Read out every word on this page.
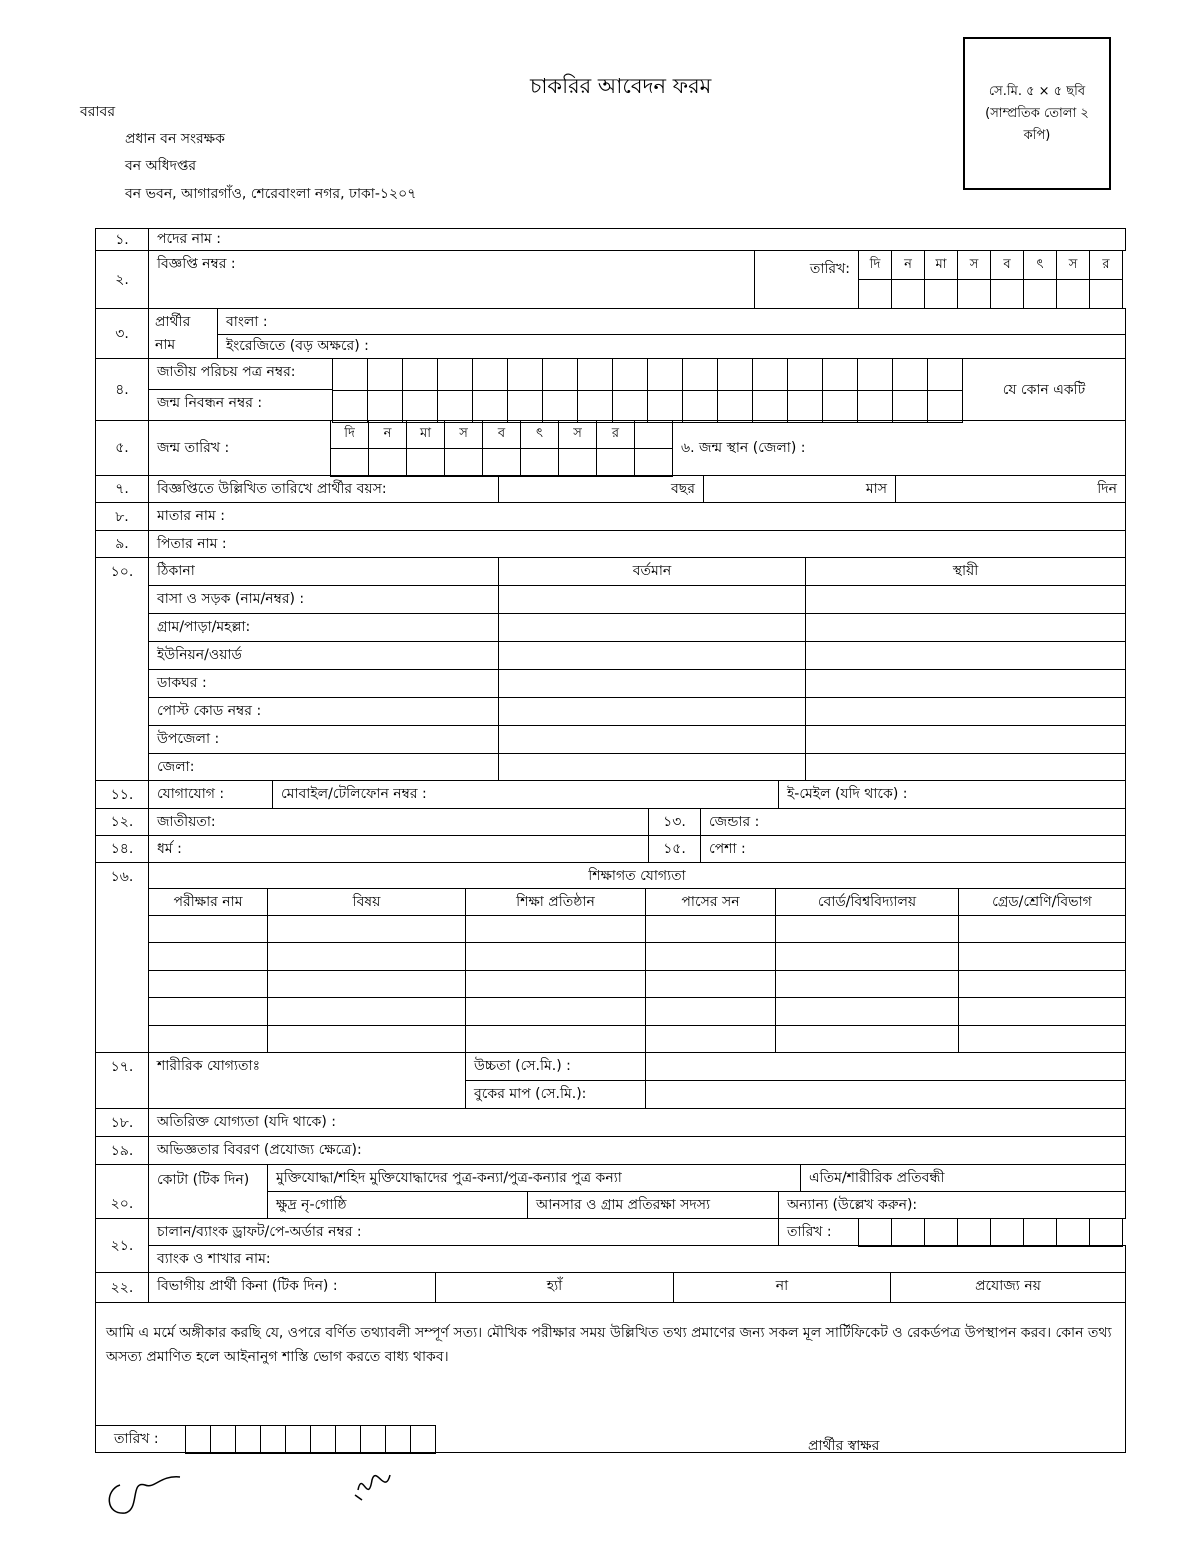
চাকরির আবেদন ফরম
বরাবর
প্রধান বন সংরক্ষক
বন অধিদপ্তর
বন ভবন, আগারগাঁও, শেরেবাংলা নগর, ঢাকা-১২০৭
সে.মি. ৫ × ৫ ছবি (সাম্প্রতিক তোলা ২ কপি)
১.	পদের নাম :
২.
বিজ্ঞপ্তি নম্বর :	তারিখ:	দি	ন	মা	স	ব	ৎ	স	র
৩.
প্রার্থীর নাম
বাংলা :
ইংরেজিতে (বড় অক্ষরে) :
৪.
জাতীয় পরিচয় পত্র নম্বর:
জন্ম নিবন্ধন নম্বর :
যে কোন একটি
৫.	জন্ম তারিখ :
দি	ন	মা	স	ব	ৎ	স	র
৬. জন্ম স্থান (জেলা) :
৭.	বিজ্ঞপ্তিতে উল্লিখিত তারিখে প্রার্থীর বয়স:	বছর	মাস	দিন
৮.	মাতার নাম :
৯.	পিতার নাম :
১০.	ঠিকানা	বর্তমান	স্থায়ী
বাসা ও সড়ক (নাম/নম্বর) :
গ্রাম/পাড়া/মহল্লা:
ইউনিয়ন/ওয়ার্ড
ডাকঘর :
পোস্ট কোড নম্বর :
উপজেলা :
জেলা:
১১.	যোগাযোগ :	মোবাইল/টেলিফোন নম্বর :	ই-মেইল (যদি থাকে) :
১২.	জাতীয়তা:	১৩.	জেন্ডার :
১৪.	ধর্ম :	১৫.	পেশা :
১৬.	শিক্ষাগত যোগ্যতা
পরীক্ষার নাম	বিষয়	শিক্ষা প্রতিষ্ঠান	পাসের সন	বোর্ড/বিশ্ববিদ্যালয়	গ্রেড/শ্রেণি/বিভাগ
১৭.	শারীরিক যোগ্যতাঃ	উচ্চতা (সে.মি.) :
বুকের মাপ (সে.মি.):
১৮.	অতিরিক্ত যোগ্যতা (যদি থাকে) :
১৯.	অভিজ্ঞতার বিবরণ (প্রযোজ্য ক্ষেত্রে):
২০.
কোটা (টিক দিন)	মুক্তিযোদ্ধা/শহিদ মুক্তিযোদ্ধাদের পুত্র-কন্যা/পুত্র-কন্যার পুত্র কন্যা	এতিম/শারীরিক প্রতিবন্ধী
ক্ষুদ্র নৃ-গোষ্ঠি	আনসার ও গ্রাম প্রতিরক্ষা সদস্য	অন্যান্য (উল্লেখ করুন):
২১.
চালান/ব্যাংক ড্রাফট/পে-অর্ডার নম্বর :	তারিখ :
ব্যাংক ও শাখার নাম:
২২.	বিভাগীয় প্রার্থী কিনা (টিক দিন) :	হ্যাঁ	না	প্রযোজ্য নয়
আমি এ মর্মে অঙ্গীকার করছি যে, ওপরে বর্ণিত তথ্যাবলী সম্পূর্ণ সত্য। মৌখিক পরীক্ষার সময় উল্লিখিত তথ্য প্রমাণের জন্য সকল মূল সার্টিফিকেট ও রেকর্ডপত্র উপস্থাপন করব। কোন তথ্য অসত্য প্রমাণিত হলে আইনানুগ শাস্তি ভোগ করতে বাধ্য থাকব।
তারিখ :	প্রার্থীর স্বাক্ষর
